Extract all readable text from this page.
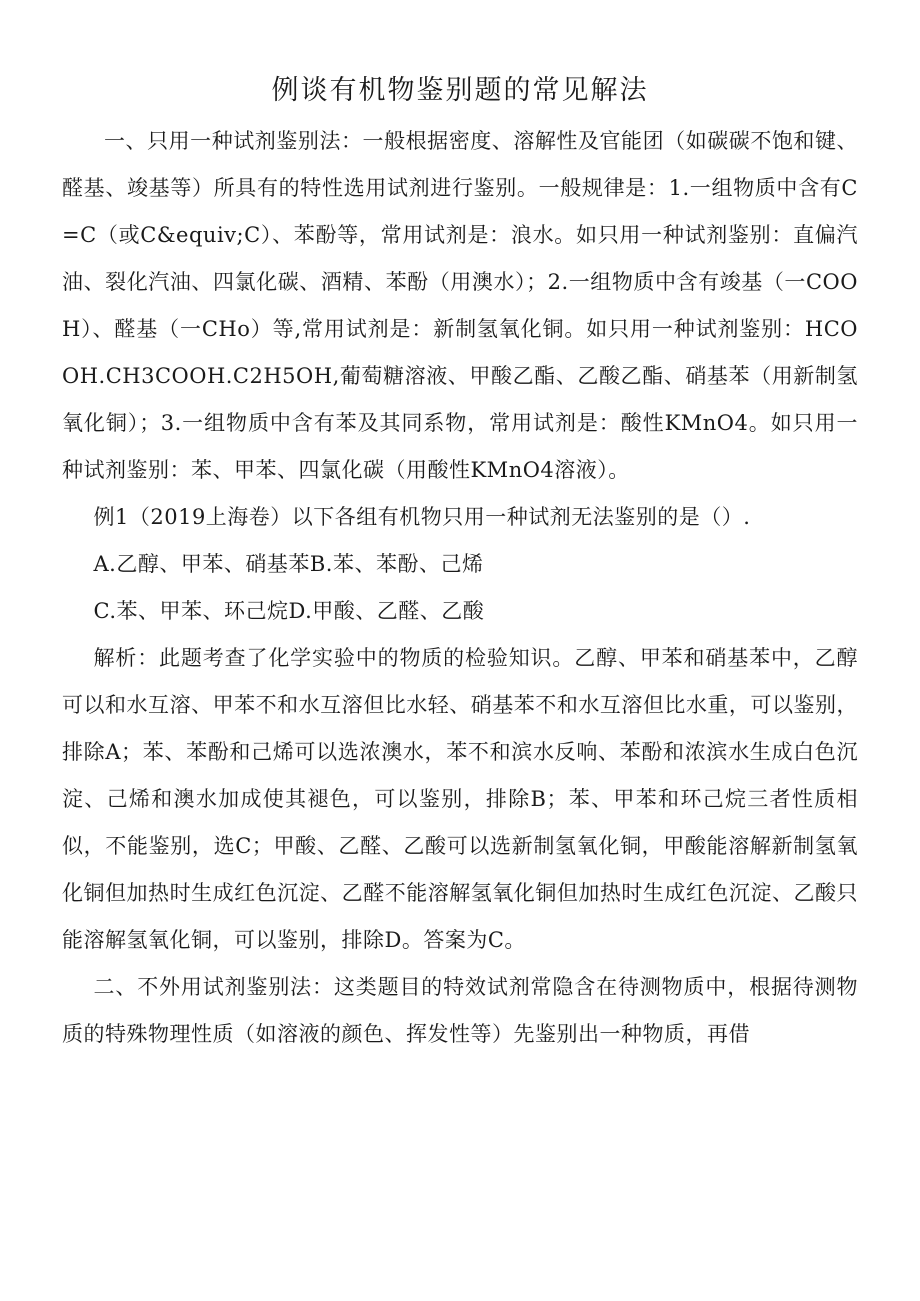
例谈有机物鉴别题的常见解法

一、只用一种试剂鉴别法：一般根据密度、溶解性及官能团（如碳碳不饱和键、醛基、竣基等）所具有的特性选用试剂进行鉴别。一般规律是：1.一组物质中含有C=C（或C&equiv;C）、苯酚等，常用试剂是：浪水。如只用一种试剂鉴别：直偏汽油、裂化汽油、四氯化碳、酒精、苯酚（用澳水）；2.一组物质中含有竣基（一COOH）、醛基（一CHo）等,常用试剂是：新制氢氧化铜。如只用一种试剂鉴别：HCOOH.CH3COOH.C2H5OH,葡萄糖溶液、甲酸乙酯、乙酸乙酯、硝基苯（用新制氢氧化铜）；3.一组物质中含有苯及其同系物，常用试剂是：酸性KMnO4。如只用一种试剂鉴别：苯、甲苯、四氯化碳（用酸性KMnO4溶液）。

例1（2019上海卷）以下各组有机物只用一种试剂无法鉴别的是（）.

A.乙醇、甲苯、硝基苯B.苯、苯酚、己烯

C.苯、甲苯、环己烷D.甲酸、乙醛、乙酸

解析：此题考查了化学实验中的物质的检验知识。乙醇、甲苯和硝基苯中，乙醇可以和水互溶、甲苯不和水互溶但比水轻、硝基苯不和水互溶但比水重，可以鉴别，排除A；苯、苯酚和己烯可以选浓澳水，苯不和滨水反响、苯酚和浓滨水生成白色沉淀、己烯和澳水加成使其褪色，可以鉴别，排除B；苯、甲苯和环己烷三者性质相似，不能鉴别，选C；甲酸、乙醛、乙酸可以选新制氢氧化铜，甲酸能溶解新制氢氧化铜但加热时生成红色沉淀、乙醛不能溶解氢氧化铜但加热时生成红色沉淀、乙酸只能溶解氢氧化铜，可以鉴别，排除D。答案为C。

二、不外用试剂鉴别法：这类题目的特效试剂常隐含在待测物质中，根据待测物质的特殊物理性质（如溶液的颜色、挥发性等）先鉴别出一种物质，再借
